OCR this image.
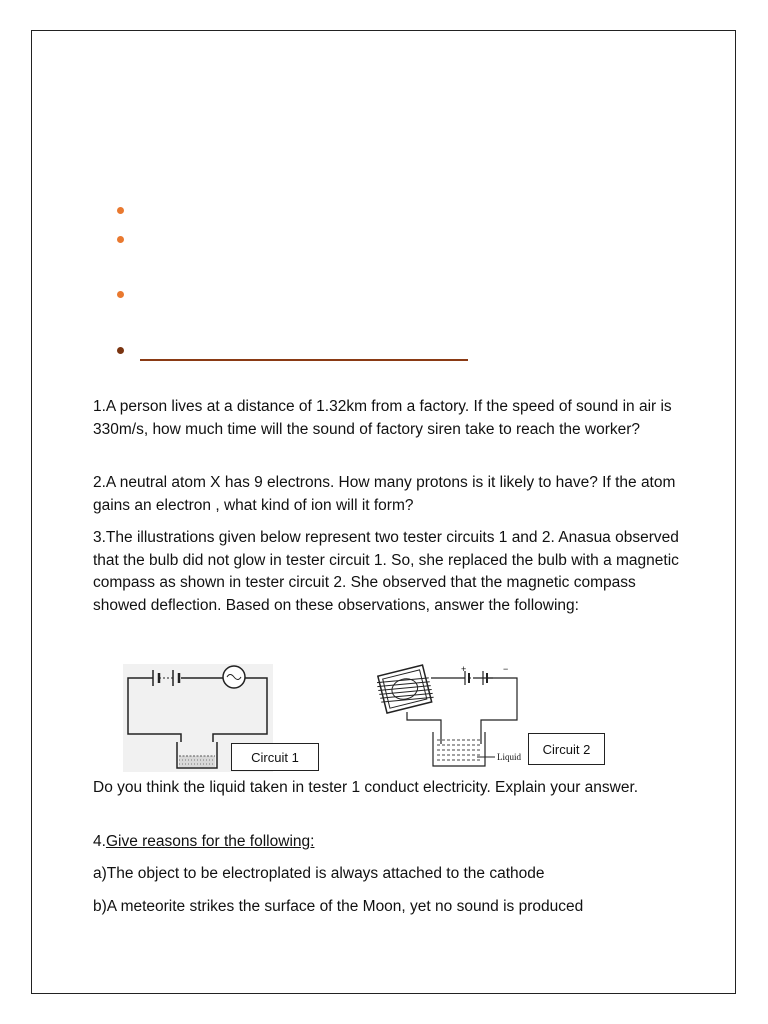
1.A person lives at a distance of 1.32km from a factory. If the speed of sound in air is 330m/s, how much time will the sound of factory siren take to reach the worker?

2.A neutral atom X has 9 electrons. How many protons is it likely to have? If the atom gains an electron , what kind of ion will it form?

3.The illustrations given below represent two tester circuits 1 and 2. Anasua observed that the bulb did not glow in tester circuit 1. So, she replaced the bulb with a magnetic compass as shown in tester circuit 2. She observed that the magnetic compass showed deflection. Based on these observations, answer the following:

Circuit 1
+	−
Liquid
Circuit 2

Do you think the liquid taken in tester 1 conduct electricity. Explain your answer.

4.Give reasons for the following:

a)The object to be electroplated is always attached to the cathode

b)A meteorite strikes the surface of the Moon, yet no sound is produced
